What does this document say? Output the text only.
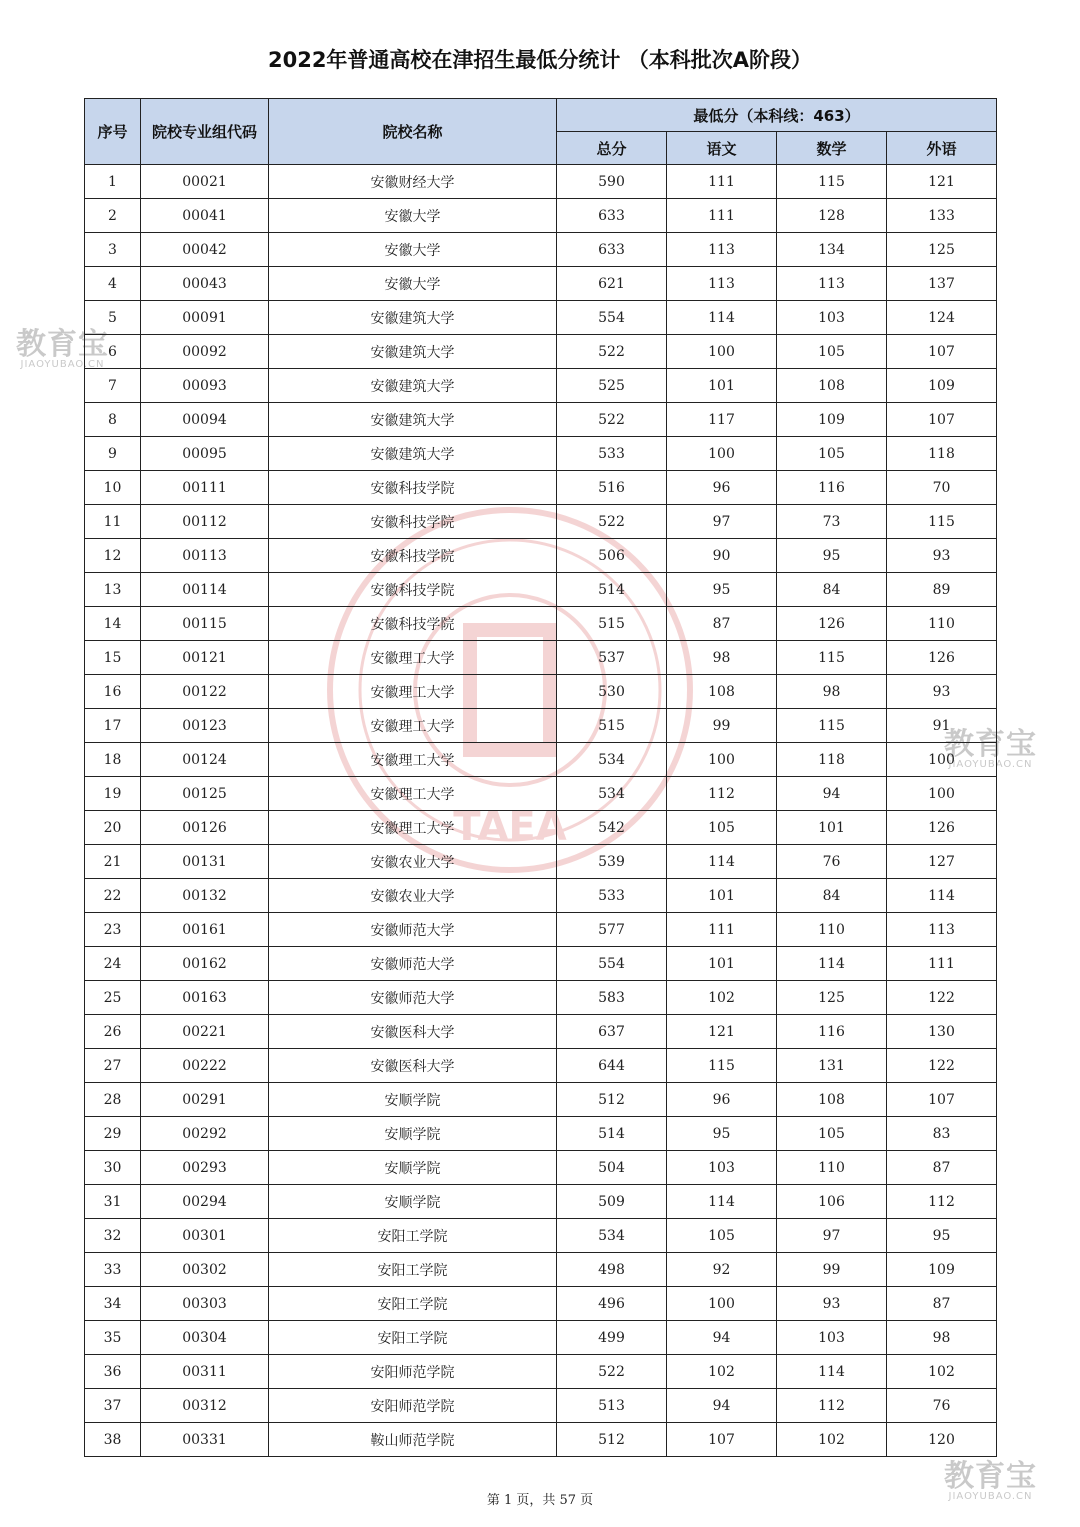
2022年普通高校在津招生最低分统计 （本科批次A阶段）
TAEA
教育宝
JIAOYUBAO.CN
教育宝
JIAOYUBAO.CN
教育宝
JIAOYUBAO.CN
序号	院校专业组代码	院校名称	最低分（本科线：463）			
			总分	语文	数学	外语
1	00021	安徽财经大学	590	111	115	121
2	00041	安徽大学	633	111	128	133
3	00042	安徽大学	633	113	134	125
4	00043	安徽大学	621	113	113	137
5	00091	安徽建筑大学	554	114	103	124
6	00092	安徽建筑大学	522	100	105	107
7	00093	安徽建筑大学	525	101	108	109
8	00094	安徽建筑大学	522	117	109	107
9	00095	安徽建筑大学	533	100	105	118
10	00111	安徽科技学院	516	96	116	70
11	00112	安徽科技学院	522	97	73	115
12	00113	安徽科技学院	506	90	95	93
13	00114	安徽科技学院	514	95	84	89
14	00115	安徽科技学院	515	87	126	110
15	00121	安徽理工大学	537	98	115	126
16	00122	安徽理工大学	530	108	98	93
17	00123	安徽理工大学	515	99	115	91
18	00124	安徽理工大学	534	100	118	100
19	00125	安徽理工大学	534	112	94	100
20	00126	安徽理工大学	542	105	101	126
21	00131	安徽农业大学	539	114	76	127
22	00132	安徽农业大学	533	101	84	114
23	00161	安徽师范大学	577	111	110	113
24	00162	安徽师范大学	554	101	114	111
25	00163	安徽师范大学	583	102	125	122
26	00221	安徽医科大学	637	121	116	130
27	00222	安徽医科大学	644	115	131	122
28	00291	安顺学院	512	96	108	107
29	00292	安顺学院	514	95	105	83
30	00293	安顺学院	504	103	110	87
31	00294	安顺学院	509	114	106	112
32	00301	安阳工学院	534	105	97	95
33	00302	安阳工学院	498	92	99	109
34	00303	安阳工学院	496	100	93	87
35	00304	安阳工学院	499	94	103	98
36	00311	安阳师范学院	522	102	114	102
37	00312	安阳师范学院	513	94	112	76
38	00331	鞍山师范学院	512	107	102	120
第 1 页，共 57 页
